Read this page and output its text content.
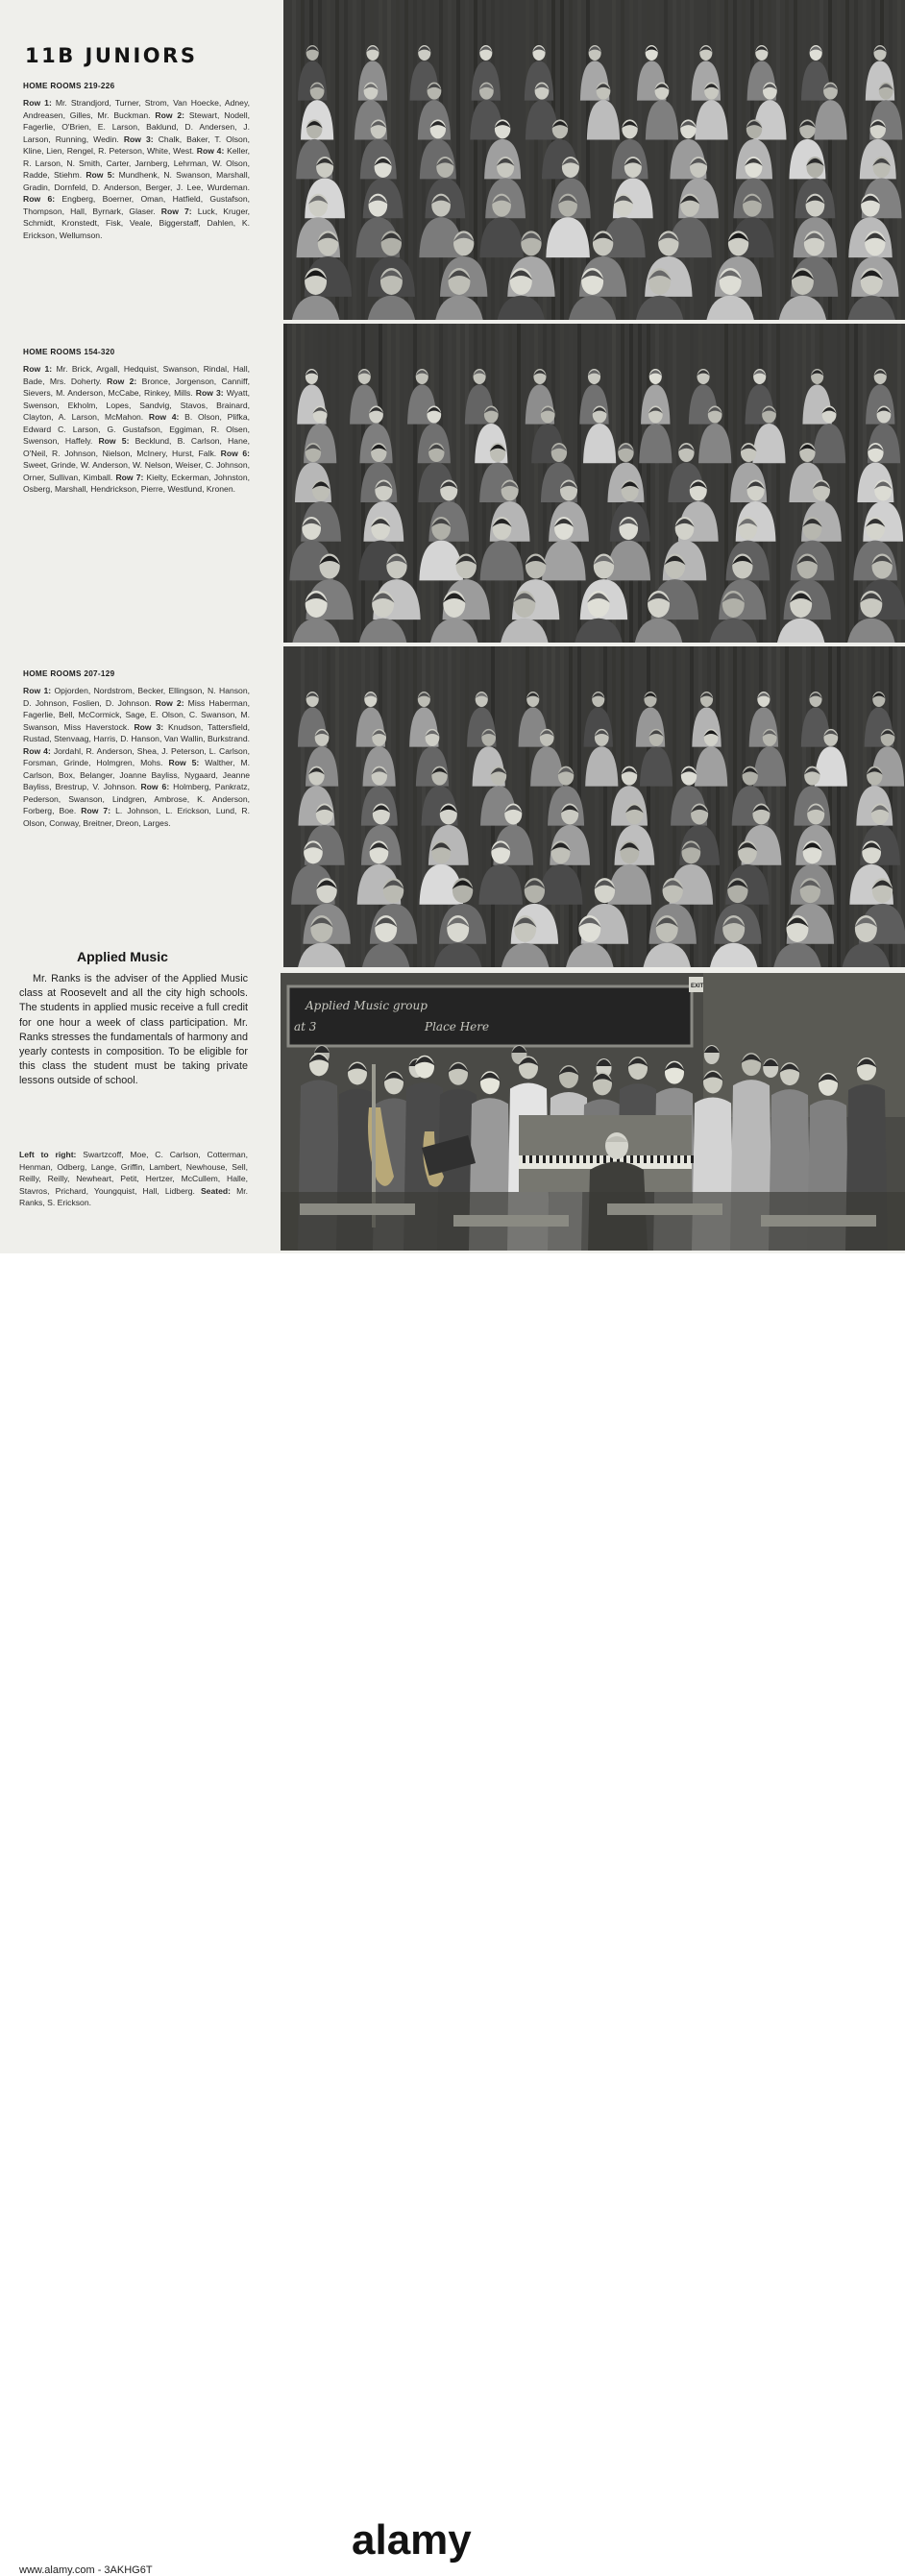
11B JUNIORS
HOME ROOMS 219-226

Row 1: Mr. Strandjord, Turner, Strom, Van Hoecke, Adney, Andreasen, Gilles, Mr. Buckman. Row 2: Stewart, Nodell, Fagerlie, O'Brien, E. Larson, Baklund, D. Andersen, J. Larson, Running, Wedin. Row 3: Chalk, Baker, T. Olson, Kline, Lien, Rengel, R. Peterson, White, West. Row 4: Keller, R. Larson, N. Smith, Carter, Jarnberg, Lehrman, W. Olson, Radde, Stiehm. Row 5: Mundhenk, N. Swanson, Marshall, Gradin, Dornfeld, D. Anderson, Berger, J. Lee, Wurdeman. Row 6: Engberg, Boerner, Oman, Hatfield, Gustafson, Thompson, Hall, Byrnark, Glaser. Row 7: Luck, Kruger, Schmidt, Kronstedt, Fisk, Veale, Biggerstaff, Dahlen, K. Erickson, Wellumson.

HOME ROOMS 154-320

Row 1: Mr. Brick, Argall, Hedquist, Swanson, Rindal, Hall, Bade, Mrs. Doherty. Row 2: Bronce, Jorgenson, Canniff, Sievers, M. Anderson, McCabe, Rinkey, Mills. Row 3: Wyatt, Swenson, Ekholm, Lopes, Sandvig, Stavos, Brainard, Clayton, A. Larson, McMahon. Row 4: B. Olson, Plifka, Edward C. Larson, G. Gustafson, Eggiman, R. Olsen, Swenson, Haffely. Row 5: Becklund, B. Carlson, Hane, O'Neil, R. Johnson, Nielson, McInery, Hurst, Falk. Row 6: Sweet, Grinde, W. Anderson, W. Nelson, Weiser, C. Johnson, Orner, Sullivan, Kimball. Row 7: Kielty, Eckerman, Johnston, Osberg, Marshall, Hendrickson, Pierre, Westlund, Kronen.

HOME ROOMS 207-129

Row 1: Opjorden, Nordstrom, Becker, Ellingson, N. Hanson, D. Johnson, Foslien, D. Johnson. Row 2: Miss Haberman, Fagerlie, Bell, McCormick, Sage, E. Olson, C. Swanson, M. Swanson, Miss Haverstock. Row 3: Knudson, Tattersfield, Rustad, Stenvaag, Harris, D. Hanson, Van Wallin, Burkstrand. Row 4: Jordahl, R. Anderson, Shea, J. Peterson, L. Carlson, Forsman, Grinde, Holmgren, Mohs. Row 5: Walther, M. Carlson, Box, Belanger, Joanne Bayliss, Nygaard, Jeanne Bayliss, Brestrup, V. Johnson. Row 6: Holmberg, Pankratz, Pederson, Swanson, Lindgren, Ambrose, K. Anderson, Forberg, Boe. Row 7: L. Johnson, L. Erickson, Lund, R. Olson, Conway, Breitner, Dreon, Larges.

Applied Music

Mr. Ranks is the adviser of the Applied Music class at Roosevelt and all the city high schools. The students in applied music receive a full credit for one hour a week of class participation. Mr. Ranks stresses the fundamentals of harmony and yearly contests in composition. To be eligible for this class the student must be taking private lessons outside of school.

Left to right: Swartzcoff, Moe, C. Carlson, Cotterman, Henman, Odberg, Lange, Griffin, Lambert, Newhouse, Sell, Reilly, Reilly, Newheart, Petit, Hertzer, McCullem, Halle, Stavros, Prichard, Youngquist, Hall, Lidberg. Seated: Mr. Ranks, S. Erickson.

Applied Music group
at 3	Place Here
EXIT
alamy
www.alamy.com - 3AKHG6T
